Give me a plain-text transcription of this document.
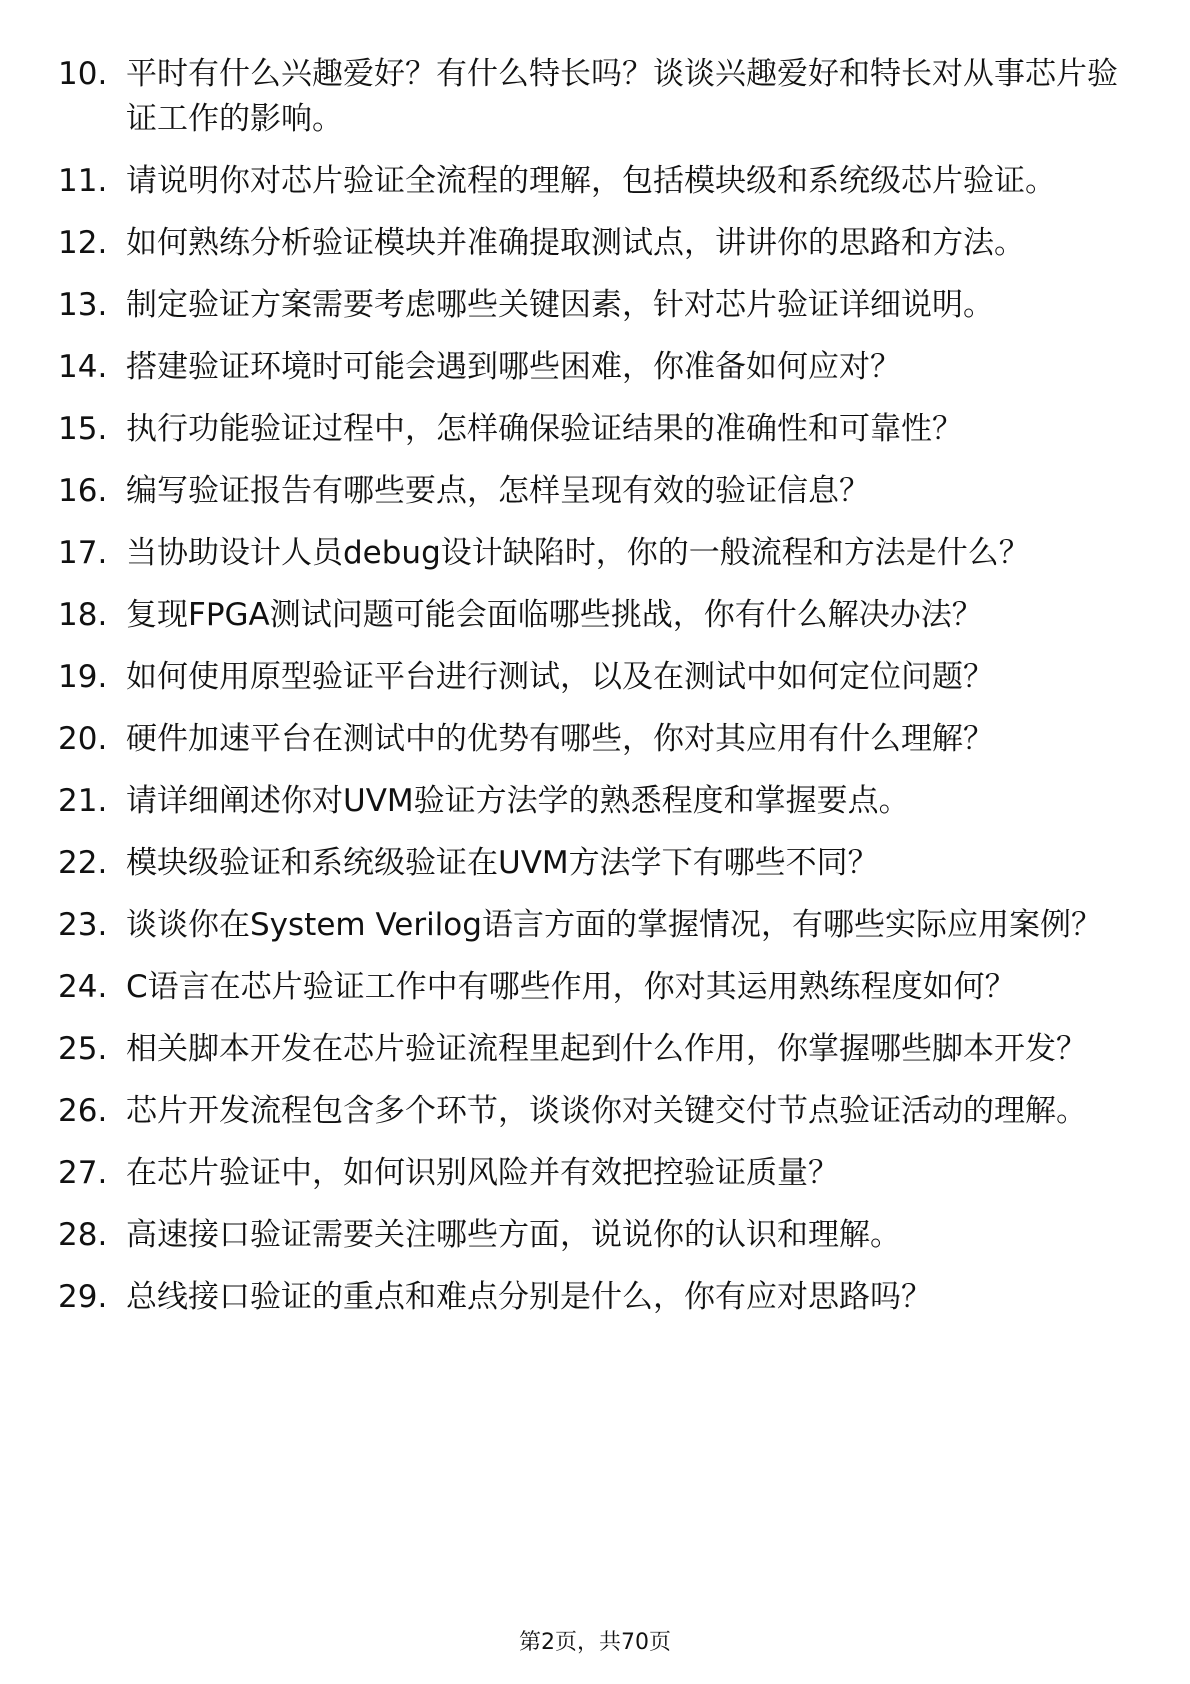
10. 平时有什么兴趣爱好？有什么特长吗？谈谈兴趣爱好和特长对从事芯片验证工作的影响。
11. 请说明你对芯片验证全流程的理解，包括模块级和系统级芯片验证。
12. 如何熟练分析验证模块并准确提取测试点，讲讲你的思路和方法。
13. 制定验证方案需要考虑哪些关键因素，针对芯片验证详细说明。
14. 搭建验证环境时可能会遇到哪些困难，你准备如何应对？
15. 执行功能验证过程中，怎样确保验证结果的准确性和可靠性？
16. 编写验证报告有哪些要点，怎样呈现有效的验证信息？
17. 当协助设计人员debug设计缺陷时，你的一般流程和方法是什么？
18. 复现FPGA测试问题可能会面临哪些挑战，你有什么解决办法？
19. 如何使用原型验证平台进行测试，以及在测试中如何定位问题？
20. 硬件加速平台在测试中的优势有哪些，你对其应用有什么理解？
21. 请详细阐述你对UVM验证方法学的熟悉程度和掌握要点。
22. 模块级验证和系统级验证在UVM方法学下有哪些不同？
23. 谈谈你在System Verilog语言方面的掌握情况，有哪些实际应用案例？
24. C语言在芯片验证工作中有哪些作用，你对其运用熟练程度如何？
25. 相关脚本开发在芯片验证流程里起到什么作用，你掌握哪些脚本开发？
26. 芯片开发流程包含多个环节，谈谈你对关键交付节点验证活动的理解。
27. 在芯片验证中，如何识别风险并有效把控验证质量？
28. 高速接口验证需要关注哪些方面，说说你的认识和理解。
29. 总线接口验证的重点和难点分别是什么，你有应对思路吗？
第2页，共70页
